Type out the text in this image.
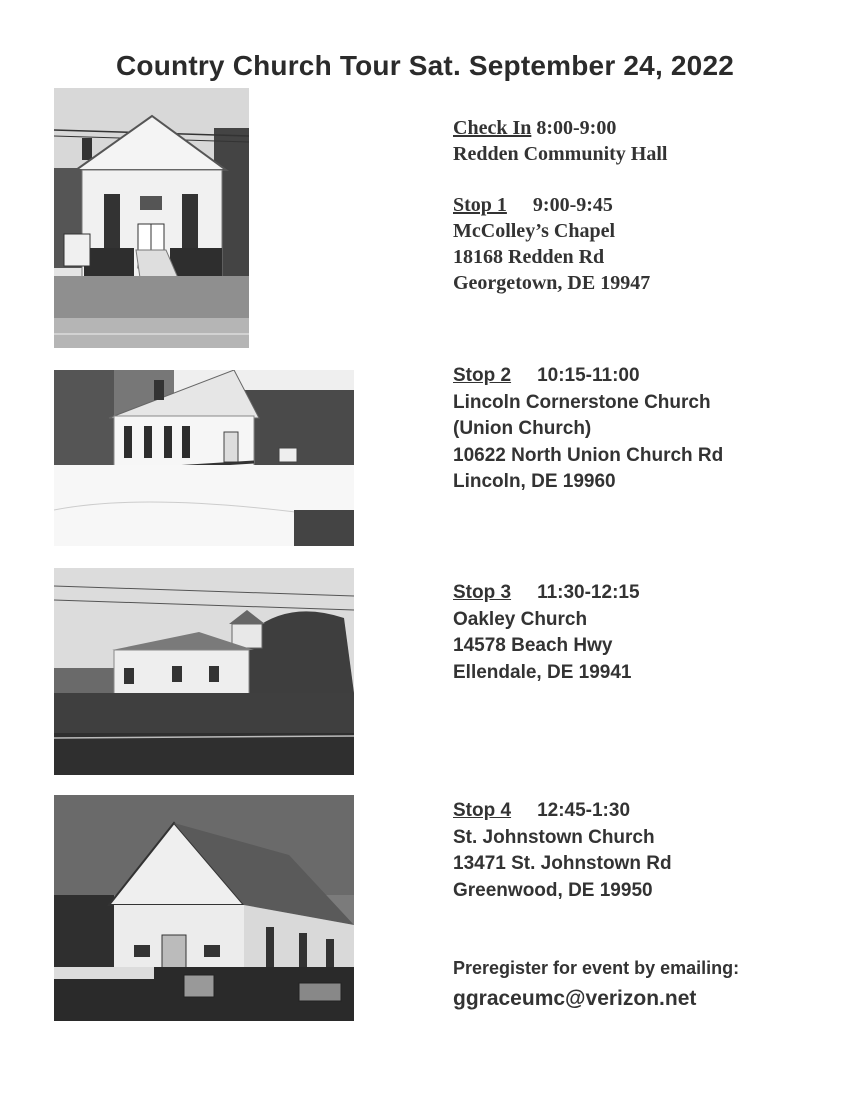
Country Church Tour Sat. September 24, 2022
Check In 8:00-9:00
Redden Community Hall
Stop 1 9:00-9:45
McColley’s Chapel
18168 Redden Rd
Georgetown, DE 19947
Stop 2 10:15-11:00
Lincoln Cornerstone Church
(Union Church)
10622 North Union Church Rd
Lincoln, DE 19960
Stop 3 11:30-12:15
Oakley Church
14578 Beach Hwy
Ellendale, DE 19941
Stop 4 12:45-1:30
St. Johnstown Church
13471 St. Johnstown Rd
Greenwood, DE 19950
Preregister for event by emailing:
ggraceumc@verizon.net
